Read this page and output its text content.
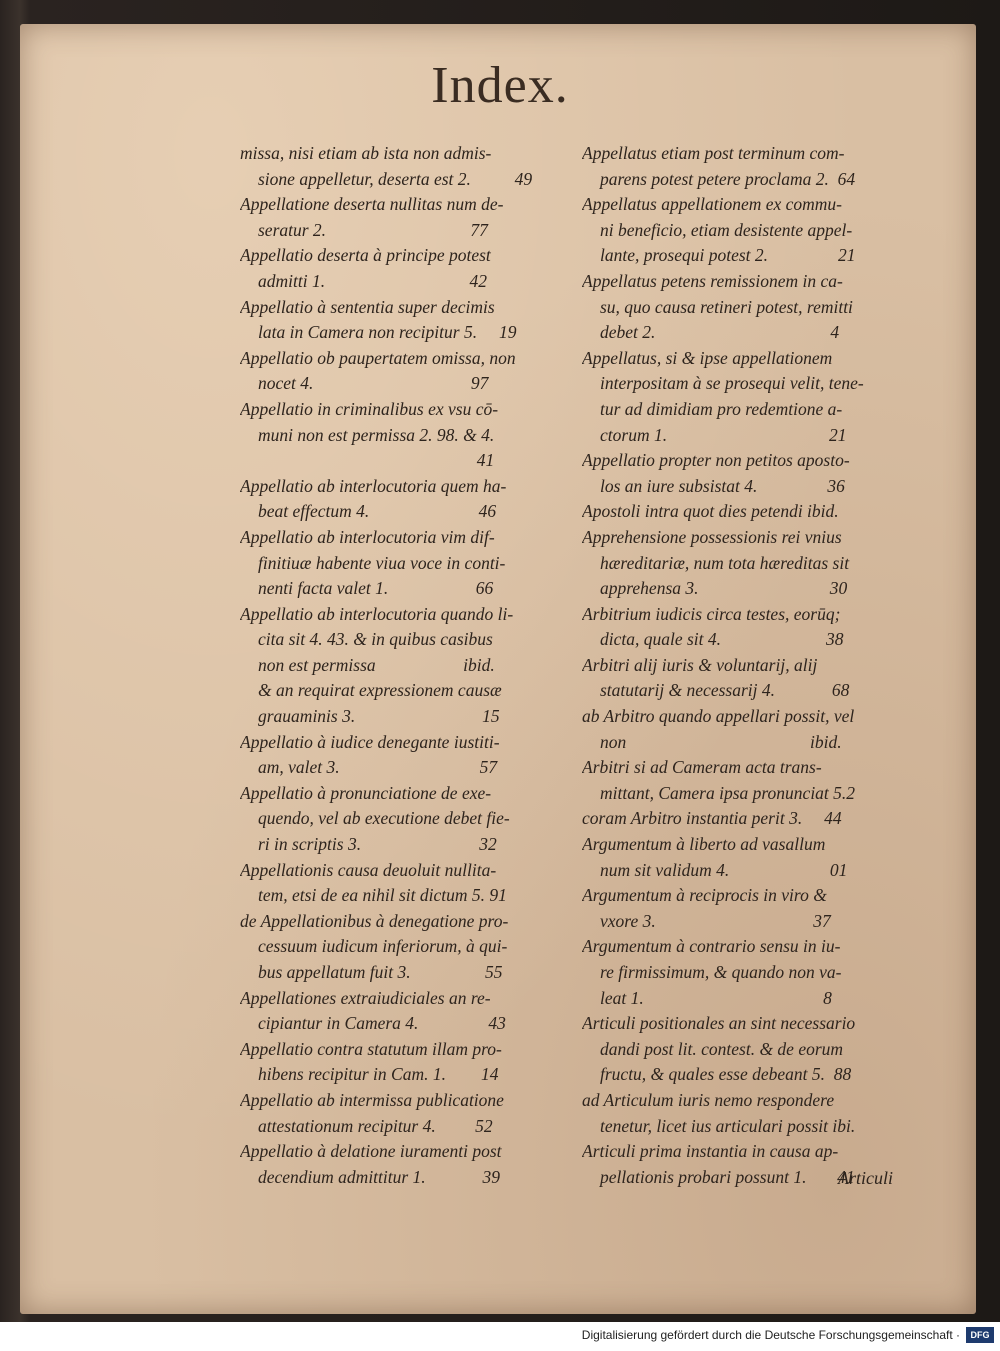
Index.
missa, nisi etiam ab ista non admis-
sione appelletur, deserta est 2.          49
Appellatione deserta nullitas num de-
seratur 2.                                 77
Appellatio deserta à principe potest
admitti 1.                                 42
Appellatio à sententia super decimis
lata in Camera non recipitur 5.     19
Appellatio ob paupertatem omissa, non
nocet 4.                                    97
Appellatio in criminalibus ex vsu cō-
muni non est permissa 2. 98. & 4.
41
Appellatio ab interlocutoria quem ha-
beat effectum 4.                         46
Appellatio ab interlocutoria vim dif-
finitiuæ habente viua voce in conti-
nenti facta valet 1.                    66
Appellatio ab interlocutoria quando li-
cita sit 4. 43. & in quibus casibus
non est permissa                    ibid.
& an requirat expressionem causæ
grauaminis 3.                             15
Appellatio à iudice denegante iustiti-
am, valet 3.                                57
Appellatio à pronunciatione de exe-
quendo, vel ab executione debet fie-
ri in scriptis 3.                           32
Appellationis causa deuoluit nullita-
tem, etsi de ea nihil sit dictum 5. 91
de Appellationibus à denegatione pro-
cessuum iudicum inferiorum, à qui-
bus appellatum fuit 3.                 55
Appellationes extraiudiciales an re-
cipiantur in Camera 4.                43
Appellatio contra statutum illam pro-
hibens recipitur in Cam. 1.        14
Appellatio ab intermissa publicatione
attestationum recipitur 4.         52
Appellatio à delatione iuramenti post
decendium admittitur 1.             39
Appellatus etiam post terminum com-
parens potest petere proclama 2.  64
Appellatus appellationem ex commu-
ni beneficio, etiam desistente appel-
lante, prosequi potest 2.                21
Appellatus petens remissionem in ca-
su, quo causa retineri potest, remitti
debet 2.                                        4
Appellatus, si & ipse appellationem
interpositam à se prosequi velit, tene-
tur ad dimidiam pro redemtione a-
ctorum 1.                                     21
Appellatio propter non petitos aposto-
los an iure subsistat 4.                36
Apostoli intra quot dies petendi ibid.
Apprehensione possessionis rei vnius
hæreditariæ, num tota hæreditas sit
apprehensa 3.                              30
Arbitrium iudicis circa testes, eorūq;
dicta, quale sit 4.                        38
Arbitri alij iuris & voluntarij, alij
statutarij & necessarij 4.             68
ab Arbitro quando appellari possit, vel
non                                          ibid.
Arbitri si ad Cameram acta trans-
mittant, Camera ipsa pronunciat 5.2
coram Arbitro instantia perit 3.     44
Argumentum à liberto ad vasallum
num sit validum 4.                       01
Argumentum à reciprocis in viro &
vxore 3.                                    37
Argumentum à contrario sensu in iu-
re firmissimum, & quando non va-
leat 1.                                         8
Articuli positionales an sint necessario
dandi post lit. contest. & de eorum
fructu, & quales esse debeant 5.  88
ad Articulum iuris nemo respondere
tenetur, licet ius articulari possit ibi.
Articuli prima instantia in causa ap-
pellationis probari possunt 1.       41
Articuli
Digitalisierung gefördert durch die Deutsche Forschungsgemeinschaft ·	DFG
